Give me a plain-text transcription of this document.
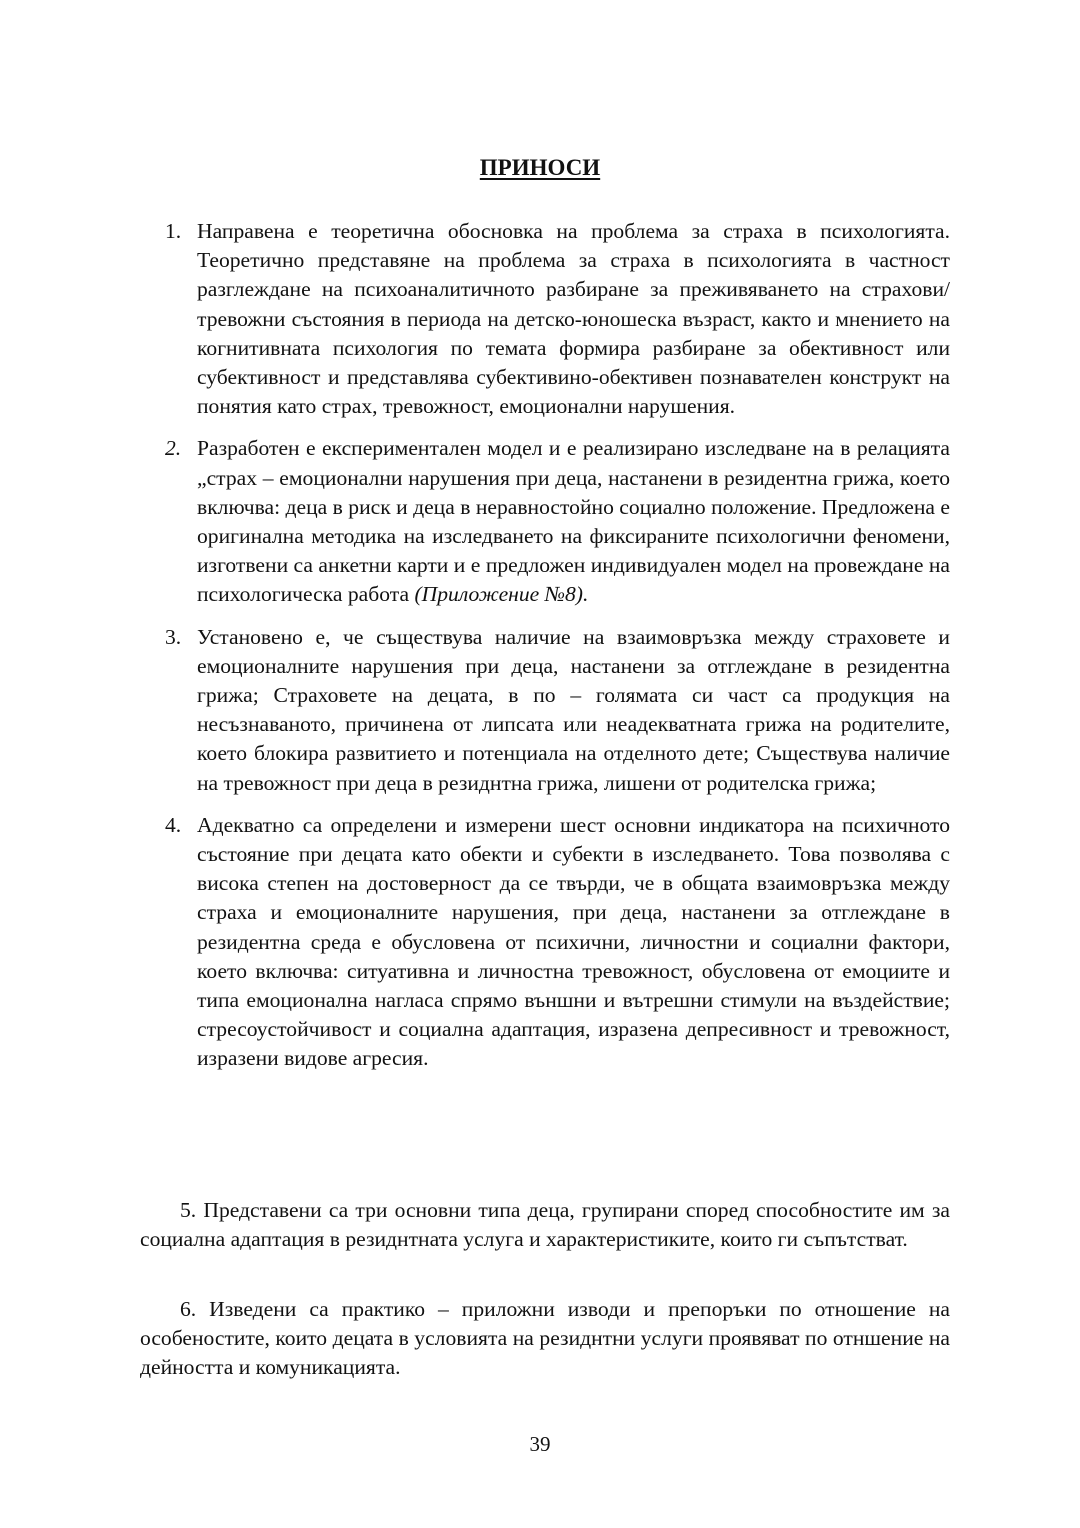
ПРИНОСИ
1. Направена е теоретична обосновка на проблема за страха в психологията. Теоретично представяне на проблема за страха в психологията в частност разглеждане на психоаналитичното разбиране за преживяването на страхови/тревожни състояния в периода на детско-юношеска възраст, както и мнението на когнитивната психология по темата формира разбиране за обективност или субективност и представлява субективино-обективен познавателен конструкт на понятия като страх, тревожност, емоционални нарушения.
2. Разработен е експериментален модел и е реализирано изследване на в релацията „страх – емоционални нарушения при деца, настанени в резидентна грижа, което включва: деца в риск и деца в неравностойно социално положение. Предложена е оригинална методика на изследването на фиксираните психологични феномени, изготвени са анкетни карти и е предложен индивидуален модел на провеждане на психологическа работа (Приложение №8).
3. Установено е, че съществува наличие на взаимовръзка между страховете и емоционалните нарушения при деца, настанени за отглеждане в резидентна грижа; Страховете на децата, в по – голямата си част са продукция на несъзнаваното, причинена от липсата или неадекватната грижа на родителите, което блокира развитието и потенциала на отделното дете; Съществува наличие на тревожност при деца в резиднтна грижа, лишени от родителска грижа;
4. Адекватно са определени и измерени шест основни индикатора на психичното състояние при децата като обекти и субекти в изследването. Това позволява с висока степен на достоверност да се твърди, че в общата взаимовръзка между страха и емоционалните нарушения, при деца, настанени за отглеждане в резидентна среда е обусловена от психични, личностни и социални фактори, което включва: ситуативна и личностна тревожност, обусловена от емоциите и типа емоционална нагласа спрямо външни и вътрешни стимули на въздействие; стресоустойчивост и социална адаптация, изразена депресивност и тревожност, изразени видове агресия.
5. Представени са три основни типа деца, групирани според способностите им за социална адаптация в резиднтната услуга и характеристиките, които ги съпътстват.
6. Изведени са практико – приложни изводи и препоръки по отношение на особеностите, които децата в условията на резиднтни услуги проявяват по отншение на дейността и комуникацията.
39
